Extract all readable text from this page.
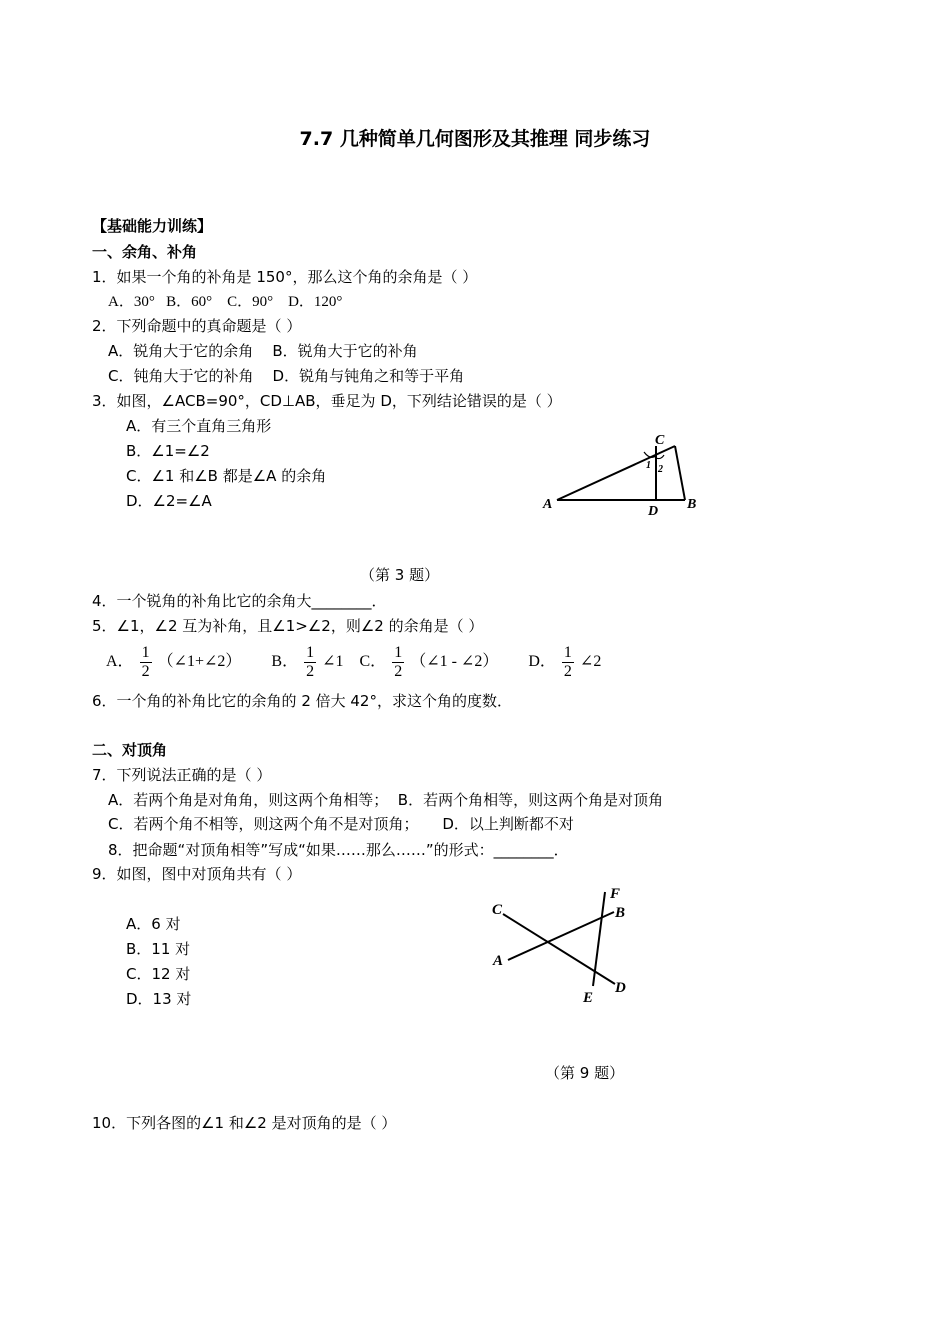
7.7 几种简单几何图形及其推理 同步练习
【基础能力训练】
一、余角、补角
1．如果一个角的补角是 150°，那么这个角的余角是（ ）
A．30°   B．60°    C．90°    D．120°
2．下列命题中的真命题是（ ）
A．锐角大于它的余角    B．锐角大于它的补角
C．钝角大于它的补角    D．锐角与钝角之和等于平角
3．如图，∠ACB=90°，CD⊥AB，垂足为 D，下列结论错误的是（ ）
A．有三个直角三角形
B．∠1=∠2
C．∠1 和∠B 都是∠A 的余角
D．∠2=∠A	A	B
C
D
1 2
（第 3 题）
4．一个锐角的补角比它的余角大________．
5．∠1，∠2 互为补角，且∠1>∠2，则∠2 的余角是（ ）
A． $\frac{1}{2}$ （∠1+∠2） B． $\frac{1}{2}$ ∠1 C． $\frac{1}{2}$ （∠1 - ∠2） D． $\frac{1}{2}$ ∠2
6．一个角的补角比它的余角的 2 倍大 42°，求这个角的度数．
二、对顶角
7．下列说法正确的是（ ）
A．若两个角是对角角，则这两个角相等；  B．若两个角相等，则这两个角是对顶角
C．若两个角不相等，则这两个角不是对顶角；     D．以上判断都不对
8．把命题“对顶角相等”写成“如果……那么……”的形式：________．
9．如图，图中对顶角共有（ ）
A．6 对
B．11 对
C．12 对
D．13 对
C
A
B
F
D
E
（第 9 题）
10．下列各图的∠1 和∠2 是对顶角的是（ ）
